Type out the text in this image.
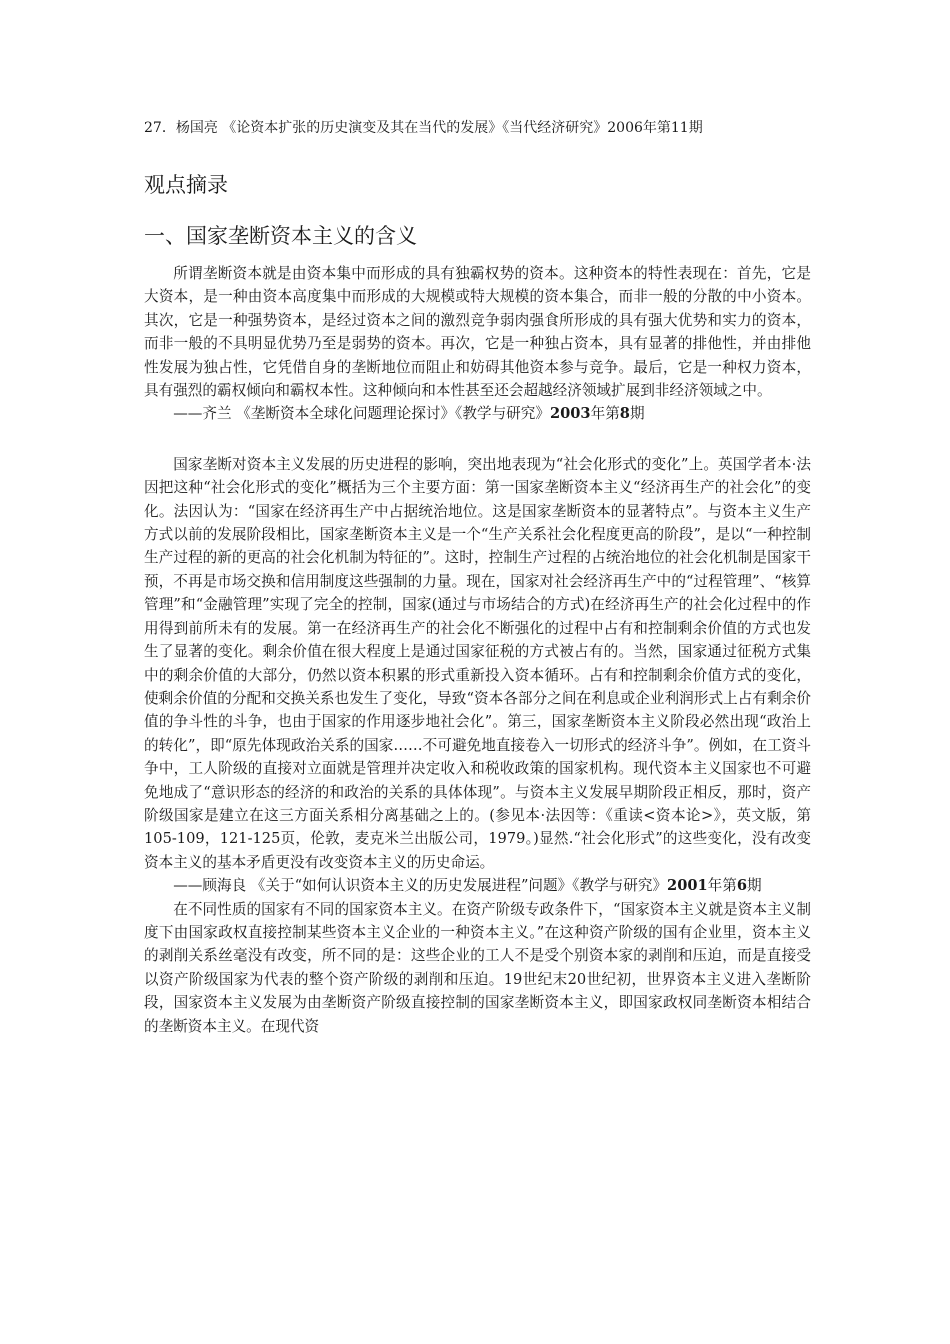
27．杨国亮 《论资本扩张的历史演变及其在当代的发展》《当代经济研究》2006年第11期

观点摘录
一、国家垄断资本主义的含义

所谓垄断资本就是由资本集中而形成的具有独霸权势的资本。这种资本的特性表现在：首先，它是大资本，是一种由资本高度集中而形成的大规模或特大规模的资本集合，而非一般的分散的中小资本。其次，它是一种强势资本，是经过资本之间的激烈竞争弱肉强食所形成的具有强大优势和实力的资本，而非一般的不具明显优势乃至是弱势的资本。再次，它是一种独占资本，具有显著的排他性，并由排他性发展为独占性，它凭借自身的垄断地位而阻止和妨碍其他资本参与竞争。最后，它是一种权力资本，具有强烈的霸权倾向和霸权本性。这种倾向和本性甚至还会超越经济领域扩展到非经济领域之中。

——齐兰 《垄断资本全球化问题理论探讨》《教学与研究》2003年第8期

国家垄断对资本主义发展的历史进程的影响，突出地表现为“社会化形式的变化”上。英国学者本·法因把这种“社会化形式的变化”概括为三个主要方面：第一国家垄断资本主义“经济再生产的社会化”的变化。法因认为：“国家在经济再生产中占据统治地位。这是国家垄断资本的显著特点”。与资本主义生产方式以前的发展阶段相比，国家垄断资本主义是一个“生产关系社会化程度更高的阶段”，是以“一种控制生产过程的新的更高的社会化机制为特征的”。这时，控制生产过程的占统治地位的社会化机制是国家干预，不再是市场交换和信用制度这些强制的力量。现在，国家对社会经济再生产中的“过程管理”、“核算管理”和“金融管理”实现了完全的控制，国家(通过与市场结合的方式)在经济再生产的社会化过程中的作用得到前所未有的发展。第一在经济再生产的社会化不断强化的过程中占有和控制剩余价值的方式也发生了显著的变化。剩余价值在很大程度上是通过国家征税的方式被占有的。当然，国家通过征税方式集中的剩余价值的大部分，仍然以资本积累的形式重新投入资本循环。占有和控制剩余价值方式的变化，使剩余价值的分配和交换关系也发生了变化，导致“资本各部分之间在利息或企业利润形式上占有剩余价值的争斗性的斗争，也由于国家的作用逐步地社会化”。第三，国家垄断资本主义阶段必然出现“政治上的转化”，即“原先体现政治关系的国家……不可避免地直接卷入一切形式的经济斗争”。例如，在工资斗争中，工人阶级的直接对立面就是管理并决定收入和税收政策的国家机构。现代资本主义国家也不可避免地成了“意识形态的经济的和政治的关系的具体体现”。与资本主义发展早期阶段正相反，那时，资产阶级国家是建立在这三方面关系相分离基础之上的。(参见本·法因等：《重读<资本论>》，英文版，第105-109，121-125页，伦敦，麦克米兰出版公司，1979。)显然.“社会化形式”的这些变化，没有改变资本主义的基本矛盾更没有改变资本主义的历史命运。

——顾海良 《关于“如何认识资本主义的历史发展进程”问题》《教学与研究》2001年第6期

在不同性质的国家有不同的国家资本主义。在资产阶级专政条件下，“国家资本主义就是资本主义制度下由国家政权直接控制某些资本主义企业的一种资本主义。”在这种资产阶级的国有企业里，资本主义的剥削关系丝毫没有改变，所不同的是：这些企业的工人不是受个别资本家的剥削和压迫，而是直接受以资产阶级国家为代表的整个资产阶级的剥削和压迫。19世纪末20世纪初，世界资本主义进入垄断阶段，国家资本主义发展为由垄断资产阶级直接控制的国家垄断资本主义，即国家政权同垄断资本相结合的垄断资本主义。在现代资
